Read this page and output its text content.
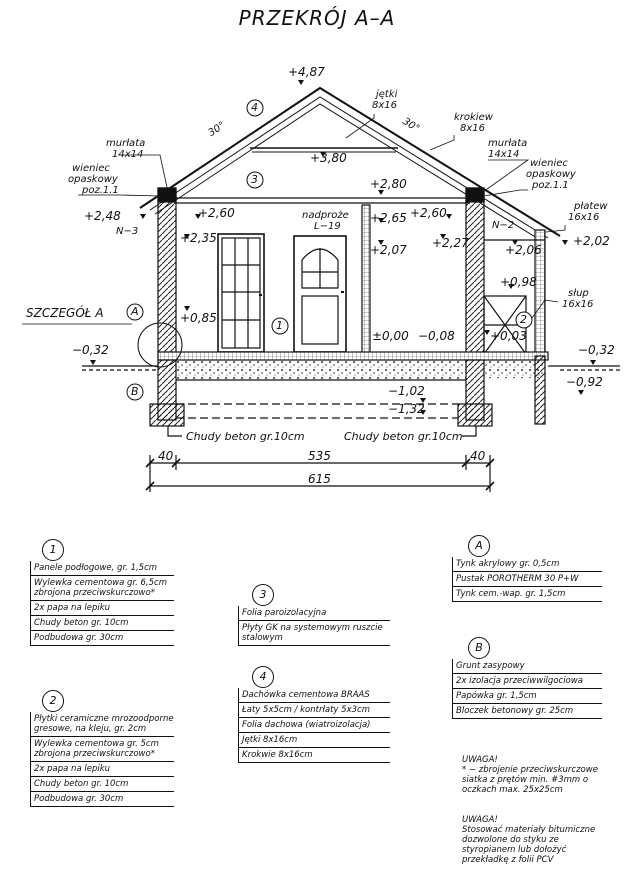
PRZEKRÓJ A–A
4
3
1	2
A
B
+4,87
+3,80
+2,80
+2,60
+2,35
+2,48
+0,85
+2,65
+2,07
+2,60
+2,27	+2,06
+2,02
+0,98
+0,03
±0,00 −0,08
−0,32	−0,32
−1,02
−1,32
−0,92
jętki
8x16
krokiew
8x16
murłata
14x14
murłata
14x14
wieniec
opaskowy
poz.1.1
wieniec
opaskowy
poz.1.1
płatew
16x16
słup
16x16
nadproże
L−19	N−2
N−3
SZCZEGÓŁ A
30°	30°
Chudy beton gr.10cm	Chudy beton gr.10cm
40	535	40
615
1
Panele podłogowe, gr. 1,5cm
Wylewka cementowa gr. 6,5cm zbrojona przeciwskurczowo*
2x papa na lepiku
Chudy beton gr. 10cm
Podbudowa gr. 30cm
2
Płytki ceramiczne mrozoodporne gresowe, na kleju, gr. 2cm
Wylewka cementowa gr. 5cm zbrojona przeciwskurczowo*
2x papa na lepiku
Chudy beton gr. 10cm
Podbudowa gr. 30cm
3
Folia paroizolacyjna
Płyty GK na systemowym ruszcie stalowym
4
Dachówka cementowa BRAAS
Łaty 5x5cm / kontrłaty 5x3cm
Folia dachowa (wiatroizolacja)
Jętki 8x16cm
Krokwie 8x16cm
A
Tynk akrylowy gr. 0,5cm
Pustak POROTHERM 30 P+W
Tynk cem.-wap. gr. 1,5cm
B
Grunt zasypowy
2x izolacja przeciwwilgociowa
Papówka gr. 1,5cm
Bloczek betonowy gr. 25cm
UWAGA!
* − zbrojenie przeciwskurczowe siatka z prętów min. #3mm o oczkach max. 25x25cm
UWAGA!
Stosować materiały bitumiczne dozwolone do styku ze styropianem lub dołożyć przekładkę z folii PCV
